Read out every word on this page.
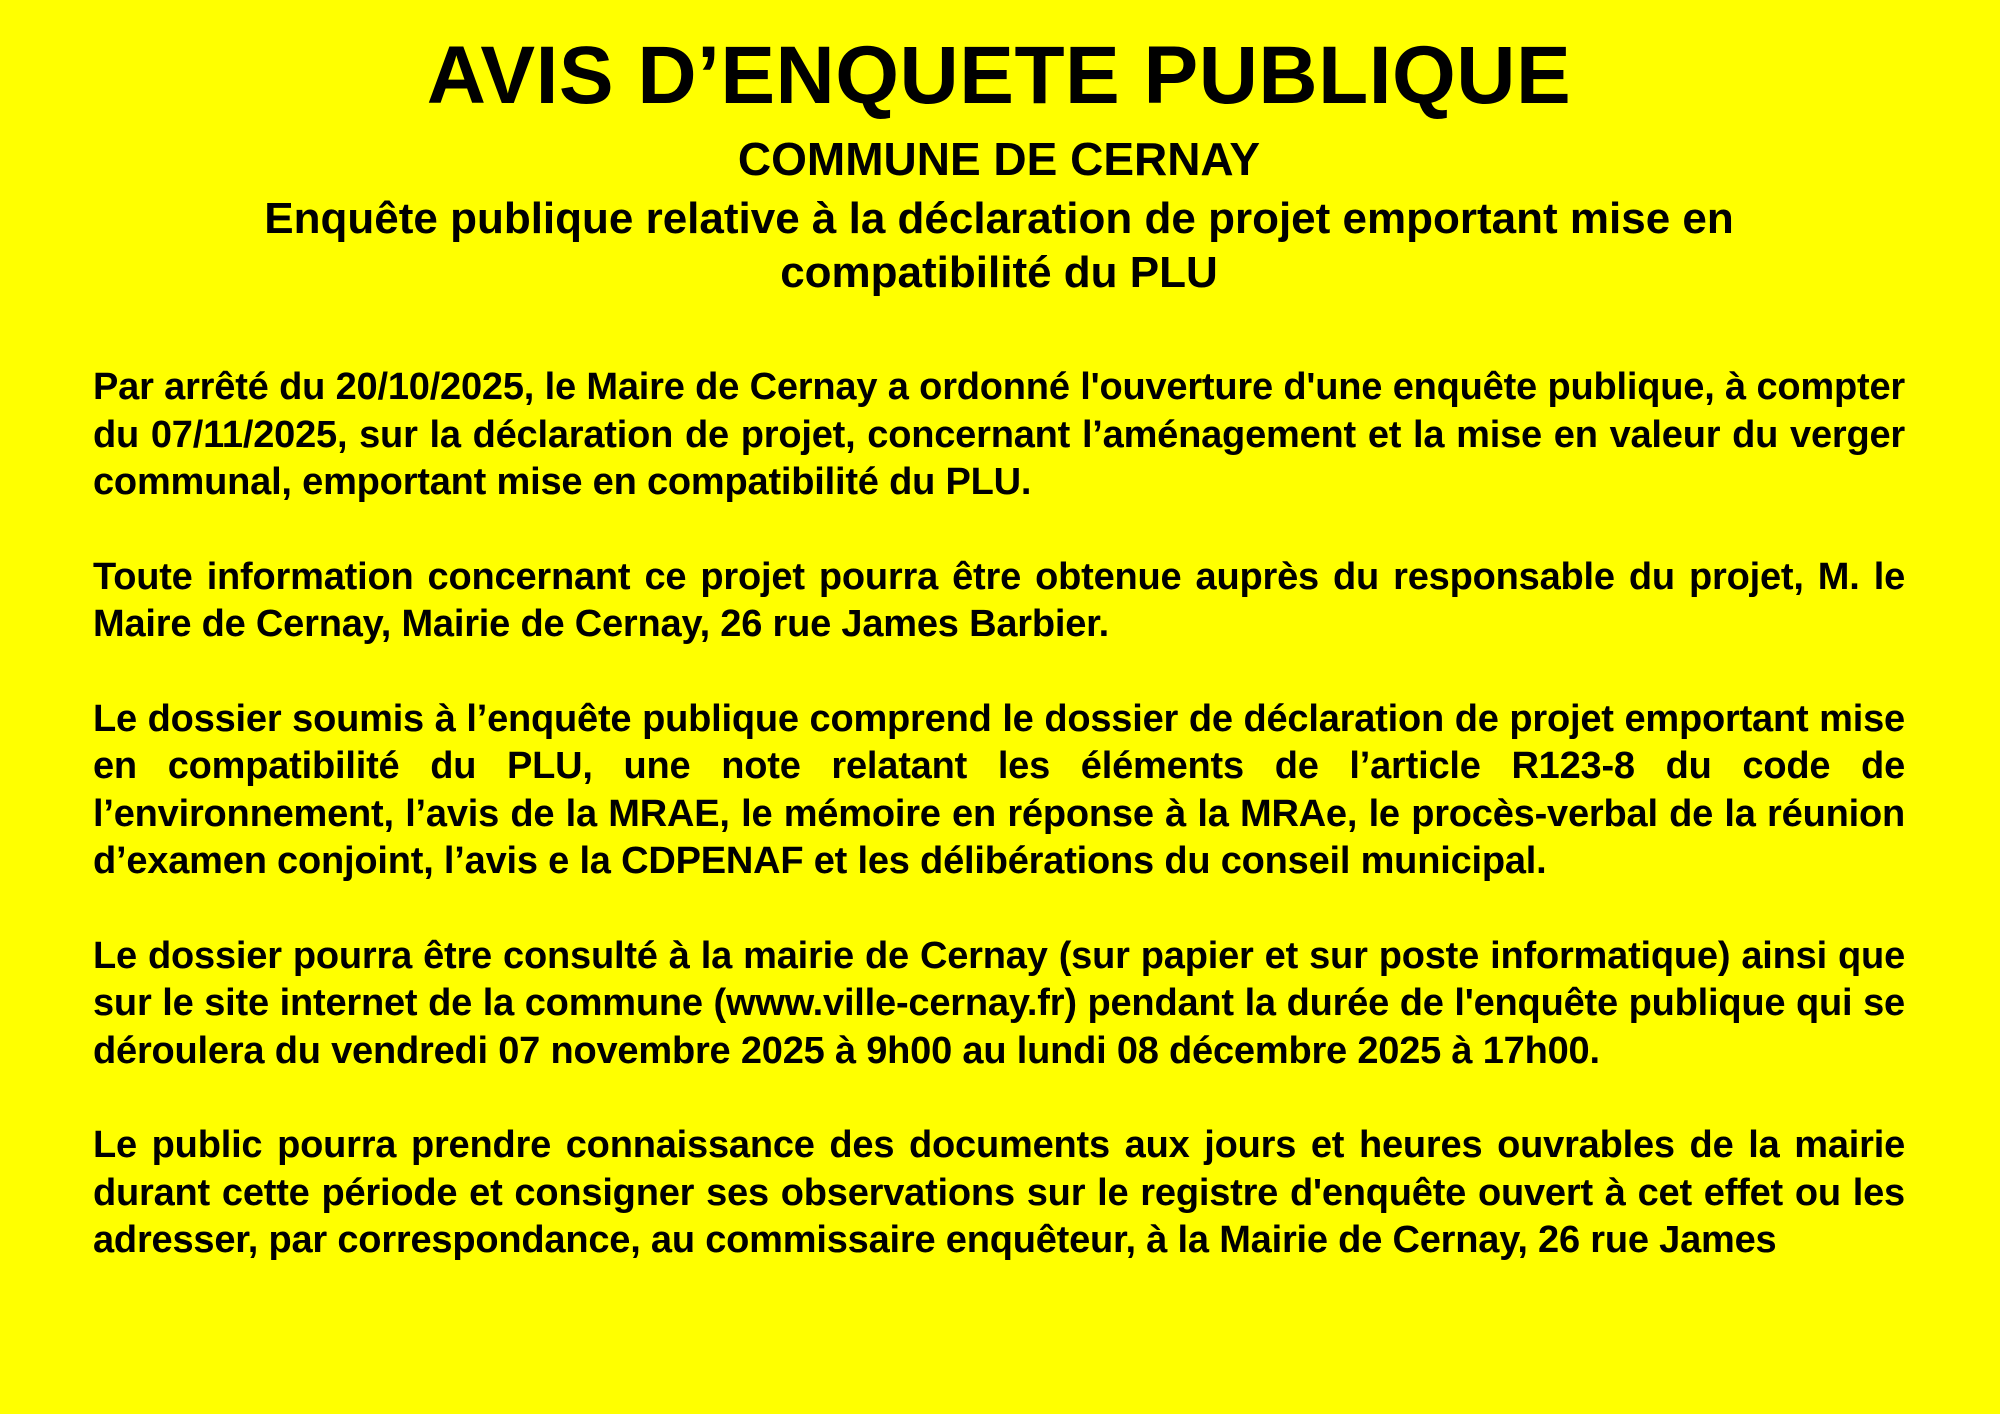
AVIS D’ENQUETE PUBLIQUE
COMMUNE DE CERNAY
Enquête publique relative à la déclaration de projet emportant mise en
compatibilité du PLU

Par arrêté du 20/10/2025, le Maire de Cernay a ordonné l'ouverture d'une enquête publique, à compter du 07/11/2025, sur la déclaration de projet, concernant l’aménagement et la mise en valeur du verger communal, emportant mise en compatibilité du PLU.

Toute information concernant ce projet pourra être obtenue auprès du responsable du projet, M. le Maire de Cernay, Mairie de Cernay, 26 rue James Barbier.

Le dossier soumis à l’enquête publique comprend le dossier de déclaration de projet emportant mise en compatibilité du PLU, une note relatant les éléments de l’article R123-8 du code de l’environnement, l’avis de la MRAE, le mémoire en réponse à la MRAe, le procès-verbal de la réunion d’examen conjoint, l’avis e la CDPENAF et les délibérations du conseil municipal.

Le dossier pourra être consulté à la mairie de Cernay (sur papier et sur poste informatique) ainsi que sur le site internet de la commune (www.ville-cernay.fr) pendant la durée de l'enquête publique qui se déroulera du vendredi 07 novembre 2025 à 9h00 au lundi 08 décembre 2025 à 17h00.

Le public pourra prendre connaissance des documents aux jours et heures ouvrables de la mairie durant cette période et consigner ses observations sur le registre d'enquête ouvert à cet effet ou les adresser, par correspondance, au commissaire enquêteur, à la Mairie de Cernay, 26 rue James
